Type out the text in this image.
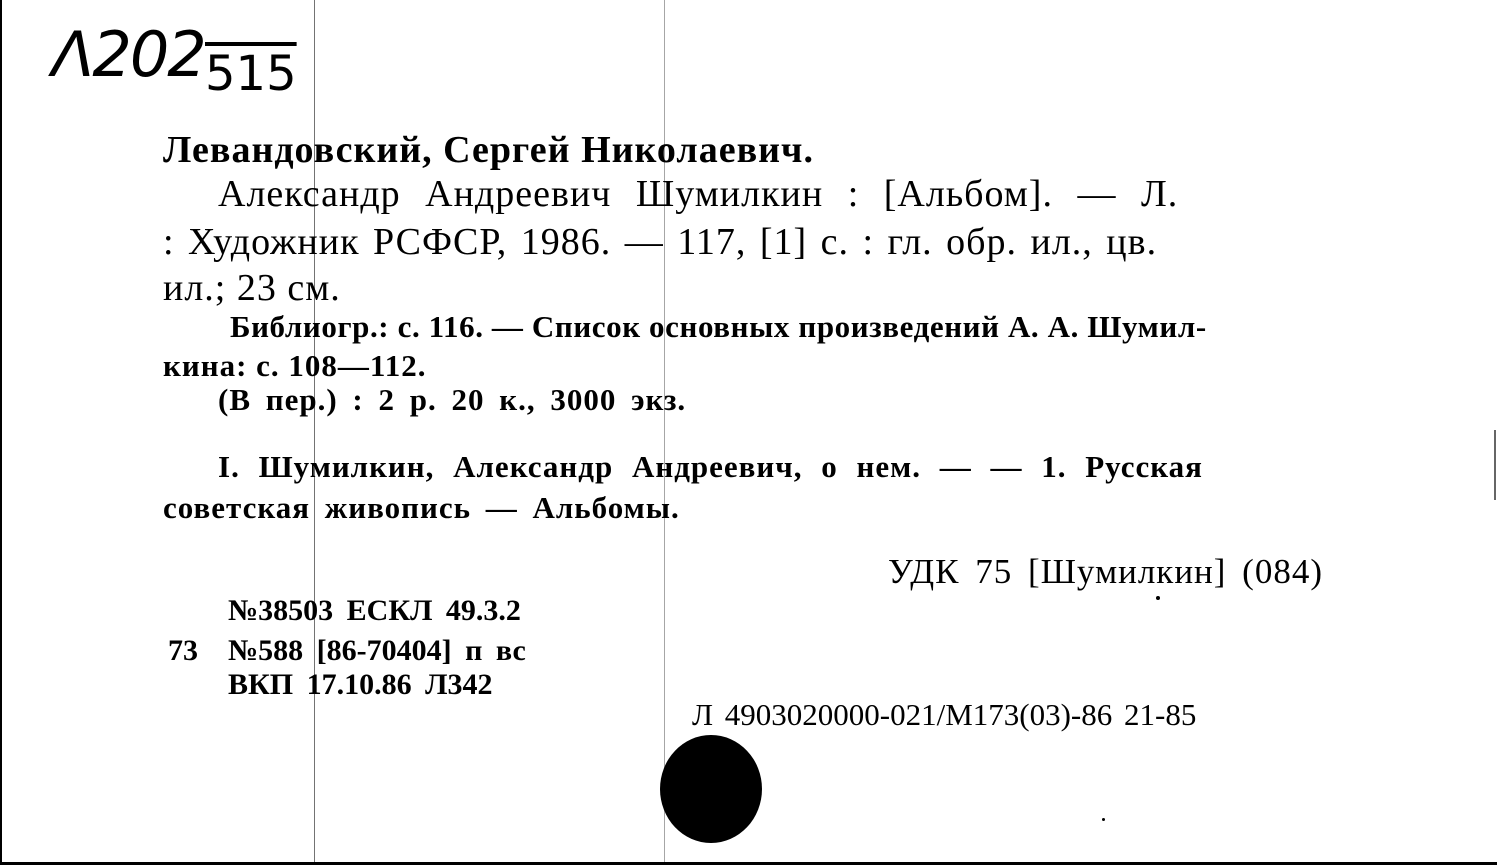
Λ202 515
Левандовский, Сергей Николаевич.
Александр Андреевич Шумилкин : [Альбом]. — Л.
: Художник РСФСР, 1986. — 117, [1] с. : гл. обр. ил., цв.
ил.; 23 см.
Библиогр.: с. 116. — Список основных произведений А. А. Шумил-
кина: с. 108—112.
(В пер.) : 2 р. 20 к., 3000 экз.
I. Шумилкин, Александр Андреевич, о нем. — — 1. Русская
советская живопись — Альбомы.
УДК 75 [Шумилкин] (084)
№38503 ЕСКЛ 49.3.2
73 №588 [86-70404] п вс
ВКП 17.10.86 Л342
Л 4903020000-021/М173(03)-86 21-85
